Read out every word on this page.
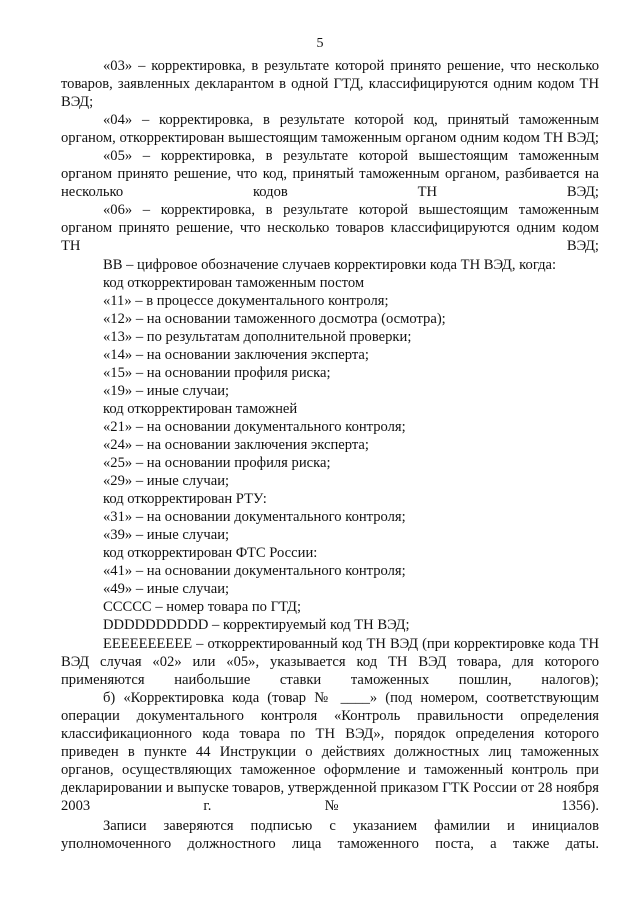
5

«03» – корректировка, в результате которой принято решение, что несколько товаров, заявленных декларантом в одной ГТД, классифицируются одним кодом ТН ВЭД;

«04» – корректировка, в результате которой код, принятый таможенным органом, откорректирован вышестоящим таможенным органом одним кодом ТН ВЭД;

«05» – корректировка, в результате которой вышестоящим таможенным органом принято решение, что код, принятый таможенным органом, разбивается на несколько кодов ТН ВЭД;

«06» – корректировка, в результате которой вышестоящим таможенным органом принято решение, что несколько товаров классифицируются одним кодом ТН ВЭД;

ВВ – цифровое обозначение случаев корректировки кода ТН ВЭД, когда:

код откорректирован таможенным постом

«11» – в процессе документального контроля;

«12» – на основании таможенного досмотра (осмотра);

«13» – по результатам дополнительной проверки;

«14» – на основании заключения эксперта;

«15» – на основании профиля риска;

«19» – иные случаи;

код откорректирован таможней

«21» – на основании документального контроля;

«24» – на основании заключения эксперта;

«25» – на основании профиля риска;

«29» – иные случаи;

код откорректирован РТУ:

«31» – на основании документального контроля;

«39» – иные случаи;

код откорректирован ФТС России:

«41» – на основании документального контроля;

«49» – иные случаи;

ССССС – номер товара по ГТД;

DDDDDDDDDD – корректируемый код ТН ВЭД;

ЕЕЕЕЕЕЕЕЕЕ – откорректированный код ТН ВЭД (при корректировке кода ТН ВЭД случая «02» или «05», указывается код ТН ВЭД товара, для которого применяются наибольшие ставки таможенных пошлин, налогов);

б) «Корректировка кода (товар № ____» (под номером, соответствующим операции документального контроля «Контроль правильности определения классификационного кода товара по ТН ВЭД», порядок определения которого приведен в пункте 44 Инструкции о действиях должностных лиц таможенных органов, осуществляющих таможенное оформление и таможенный контроль при декларировании и выпуске товаров, утвержденной приказом ГТК России от 28 ноября 2003 г. № 1356).

Записи заверяются подписью с указанием фамилии и инициалов уполномоченного должностного лица таможенного поста, а также даты.
